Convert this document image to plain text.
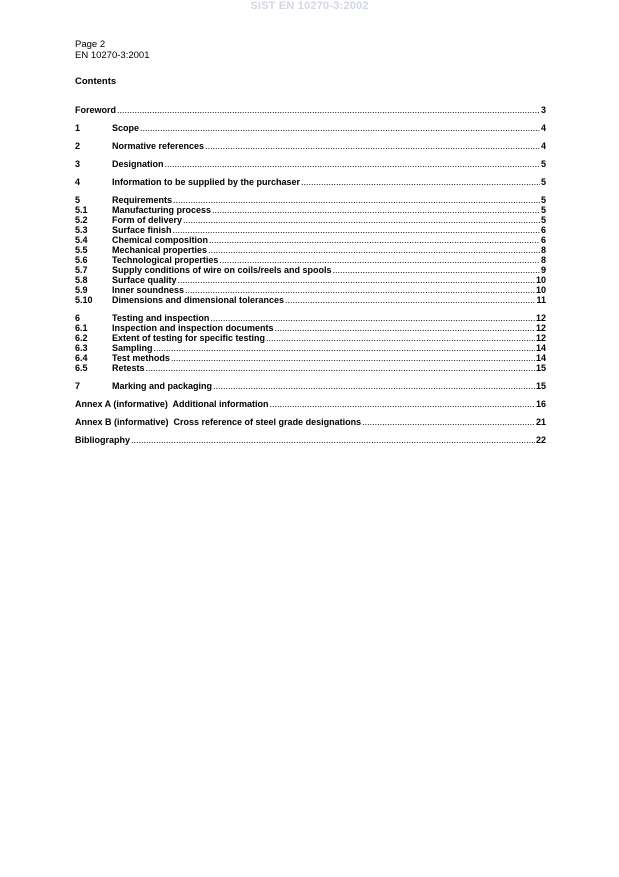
SIST EN 10270-3:2002
Page 2
EN 10270-3:2001
Contents
Foreword .....	3
1	Scope .....	4
2	Normative references .....	4
3	Designation .....	5
4	Information to be supplied by the purchaser .....	5
5	Requirements .....	5
5.1	Manufacturing process .....	5
5.2	Form of delivery .....	5
5.3	Surface finish .....	6
5.4	Chemical composition .....	6
5.5	Mechanical properties .....	8
5.6	Technological properties .....	8
5.7	Supply conditions of wire on coils/reels and spools .....	9
5.8	Surface quality .....	10
5.9	Inner soundness .....	10
5.10	Dimensions and dimensional tolerances .....	11
6	Testing and inspection .....	12
6.1	Inspection and inspection documents .....	12
6.2	Extent of testing for specific testing .....	12
6.3	Sampling .....	14
6.4	Test methods .....	14
6.5	Retests .....	15
7	Marking and packaging .....	15
Annex A (informative)  Additional information .....	16
Annex B (informative)  Cross reference of steel grade designations .....	21
Bibliography .....	22
